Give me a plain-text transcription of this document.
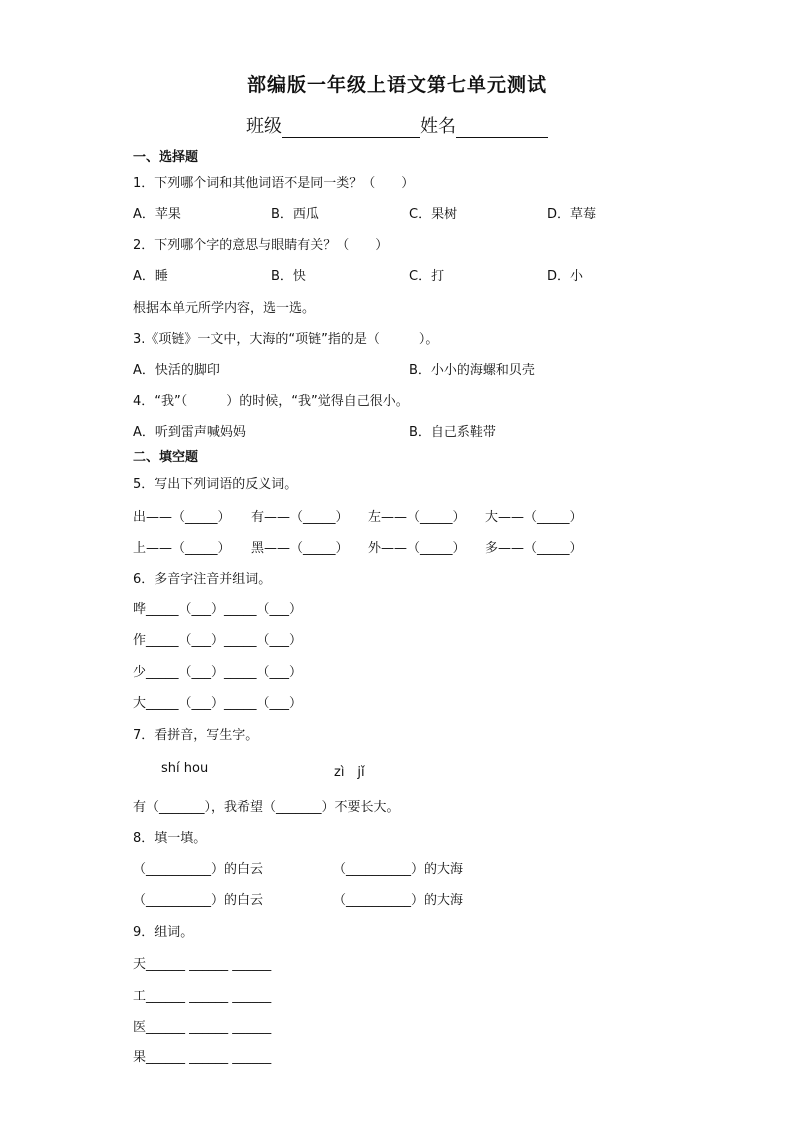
部编版一年级上语文第七单元测试
班级	姓名
一、选择题
1．下列哪个词和其他词语不是同一类？（　　）
A．苹果	B．西瓜	C．果树	D．草莓
2．下列哪个字的意思与眼睛有关？（　　）
A．睡	B．快	C．打	D．小
根据本单元所学内容，选一选。
3.《项链》一文中，大海的“项链”指的是（　　　）。
A．快活的脚印	B．小小的海螺和贝壳
4．“我”（　　　）的时候，“我”觉得自己很小。
A．听到雷声喊妈妈	B．自己系鞋带
二、填空题
5．写出下列词语的反义词。
出——（_____） 有——（_____） 左——（_____） 大——（_____）
上——（_____） 黑——（_____） 外——（_____） 多——（_____）
6．多音字注音并组词。
哗_____（___）_____（___）
作_____（___）_____（___）
少_____（___）_____（___）
大_____（___）_____（___）
7．看拼音，写生字。
shí hou	zì　jǐ
有（_______），我希望（_______）不要长大。
8．填一填。
（__________）的白云	（__________）的大海
（__________）的白云	（__________）的大海
9．组词。
天______ ______ ______
工______ ______ ______
医______ ______ ______
果______ ______ ______
